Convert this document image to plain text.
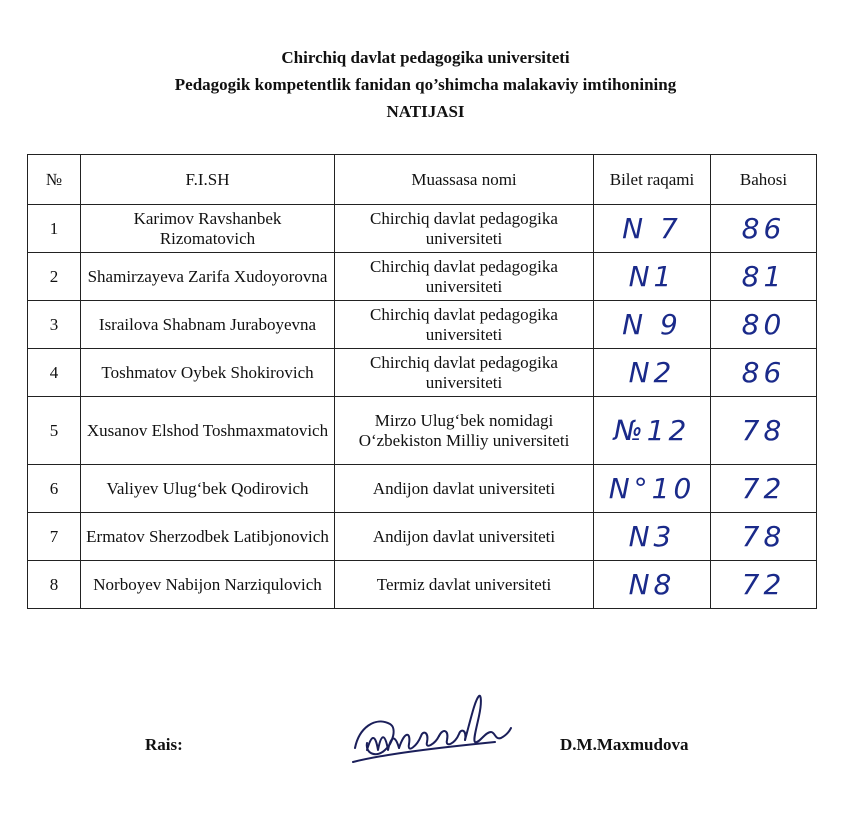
Chirchiq davlat pedagogika universiteti
Pedagogik kompetentlik fanidan qo’shimcha malakaviy imtihonining
NATIJASI
№	F.I.SH	Muassasa nomi	Bilet raqami	Bahosi
1	Karimov Ravshanbek Rizomatovich	Chirchiq davlat pedagogika universiteti	N 7	86
2	Shamirzayeva Zarifa Xudoyorovna	Chirchiq davlat pedagogika universiteti	N1	81
3	Israilova Shabnam Juraboyevna	Chirchiq davlat pedagogika universiteti	N 9	80
4	Toshmatov Oybek Shokirovich	Chirchiq davlat pedagogika universiteti	N2	86
5	Xusanov Elshod Toshmaxmatovich	Mirzo Ulug‘bek nomidagi O‘zbekiston Milliy universiteti	№12	78
6	Valiyev Ulug‘bek Qodirovich	Andijon davlat universiteti	N°10	72
7	Ermatov Sherzodbek Latibjonovich	Andijon davlat universiteti	N3	78
8	Norboyev Nabijon Narziqulovich	Termiz davlat universiteti	N8	72
Rais:	D.M.Maxmudova
